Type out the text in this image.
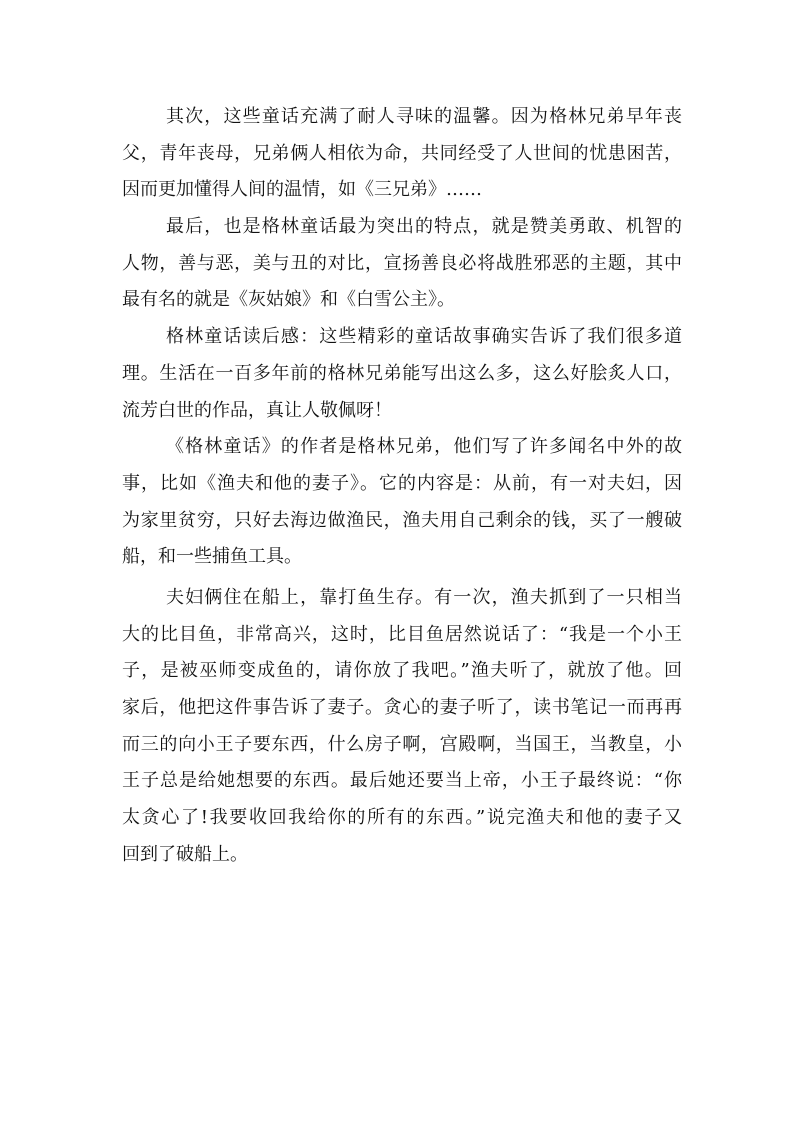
其次，这些童话充满了耐人寻味的温馨。因为格林兄弟早年丧
父，青年丧母，兄弟俩人相依为命，共同经受了人世间的忧患困苦，
因而更加懂得人间的温情，如《三兄弟》……
最后，也是格林童话最为突出的特点，就是赞美勇敢、机智的
人物，善与恶，美与丑的对比，宣扬善良必将战胜邪恶的主题，其中
最有名的就是《灰姑娘》和《白雪公主》。
格林童话读后感：这些精彩的童话故事确实告诉了我们很多道
理。生活在一百多年前的格林兄弟能写出这么多，这么好脍炙人口，
流芳白世的作品，真让人敬佩呀！
《格林童话》的作者是格林兄弟，他们写了许多闻名中外的故
事，比如《渔夫和他的妻子》。它的内容是：从前，有一对夫妇，因
为家里贫穷，只好去海边做渔民，渔夫用自己剩余的钱，买了一艘破
船，和一些捕鱼工具。
夫妇俩住在船上，靠打鱼生存。有一次，渔夫抓到了一只相当
大的比目鱼，非常高兴，这时，比目鱼居然说话了：“我是一个小王
子，是被巫师变成鱼的，请你放了我吧。”渔夫听了，就放了他。回
家后，他把这件事告诉了妻子。贪心的妻子听了，读书笔记一而再再
而三的向小王子要东西，什么房子啊，宫殿啊，当国王，当教皇，小
王子总是给她想要的东西。最后她还要当上帝，小王子最终说：“你
太贪心了!我要收回我给你的所有的东西。”说完渔夫和他的妻子又
回到了破船上。
